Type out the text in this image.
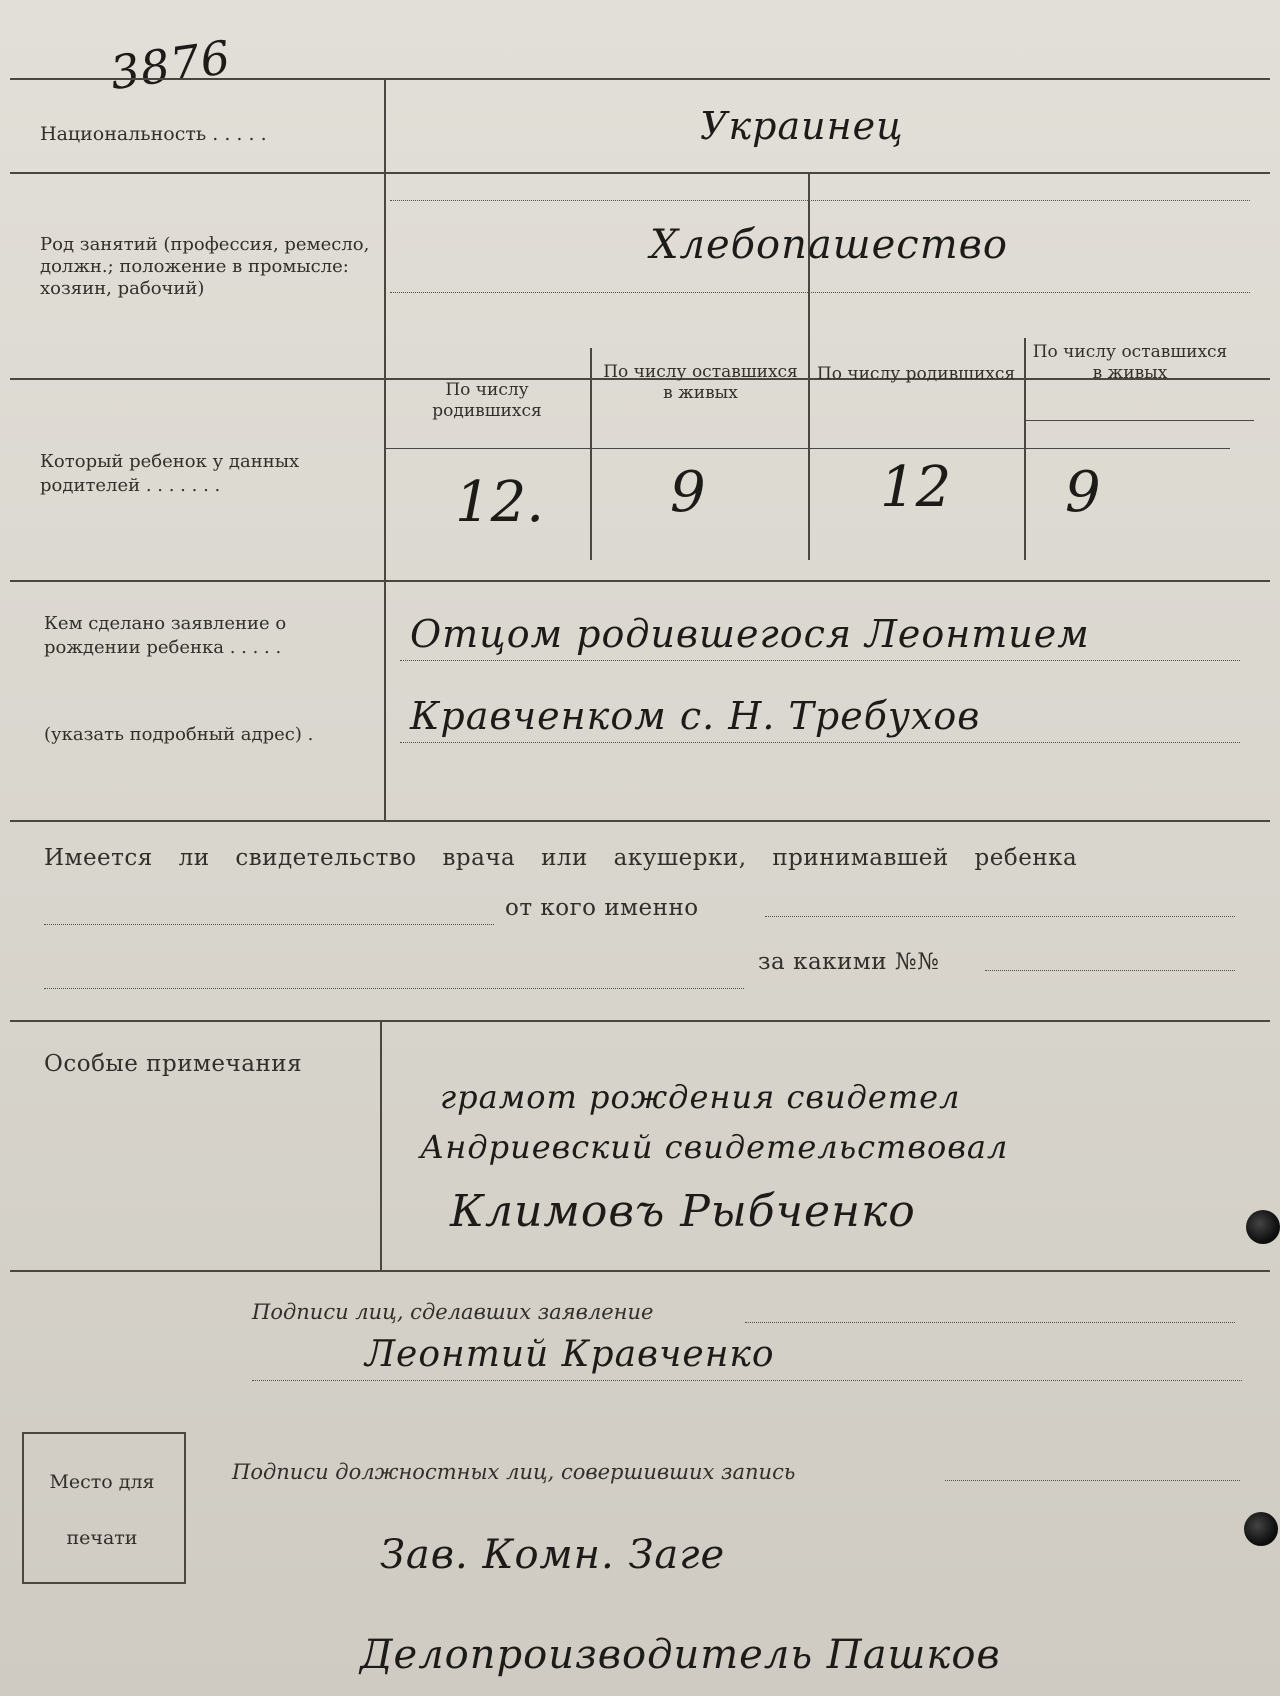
3876
Национальность . . . . .	Украинец
Род занятий (профессия, ремесло, должн.; положение в промысле: хозяин, рабочий)
Хлебопашество
Который ребенок у данных родителей . . . . . . .
По числу родившихся
По числу оставшихся в живых
По числу родившихся
По числу оставшихся в живых
12. 9	12 9
Кем сделано заявление о рождении ребенка . . . . .
(указать подробный адрес) .
Отцом родившегося Леонтием
Кравченком с. Н. Требухов
Имеется ли свидетельство врача или акушерки, принимавшей ребенка
от кого именно
за какими №№
Особые примечания
грамот рождения свидетел
Андриевский свидетельствовал
Климовъ Рыбченко
Подписи лиц, сделавших заявление
Леонтий Кравченко
Место для
печати
Подписи должностных лиц, совершивших запись
Зав. Комн. Заге
Делопроизводитель Пашков
